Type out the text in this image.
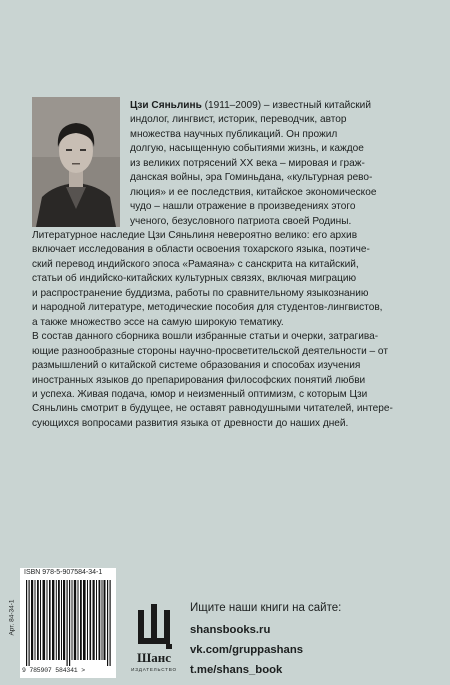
Цзи Сяньлинь (1911–2009) – известный китайский
индолог, лингвист, историк, переводчик, автор
множества научных публикаций. Он прожил
долгую, насыщенную событиями жизнь, и каждое
из великих потрясений XX века – мировая и граж-
данская войны, эра Гоминьдана, «культурная рево-
люция» и ее последствия, китайское экономическое
чудо – нашли отражение в произведениях этого
ученого, безусловного патриота своей Родины.

Литературное наследие Цзи Сяньлиня невероятно велико: его архив
включает исследования в области освоения тохарского языка, поэтиче-
ский перевод индийского эпоса «Рамаяна» с санскрита на китайский,
статьи об индийско-китайских культурных связях, включая миграцию
и распространение буддизма, работы по сравнительному языкознанию
и народной литературе, методические пособия для студентов-лингвистов,
а также множество эссе на самую широкую тематику.

В состав данного сборника вошли избранные статьи и очерки, затрагива-
ющие разнообразные стороны научно-просветительской деятельности – от
размышлений о китайской системе образования и способах изучения
иностранных языков до препарирования философских понятий любви
и успеха. Живая подача, юмор и неизменный оптимизм, с которым Цзи
Сяньлинь смотрит в будущее, не оставят равнодушными читателей, интере-
сующихся вопросами развития языка от древности до наших дней.

Арт. 84-34-1

ISBN 978-5-907584-34-1

9 785907 584341 >
Шанс
ИЗДАТЕЛЬСТВО

Ищите наши книги на сайте:

shansbooks.ru

vk.com/gruppashans

t.me/shans_book
